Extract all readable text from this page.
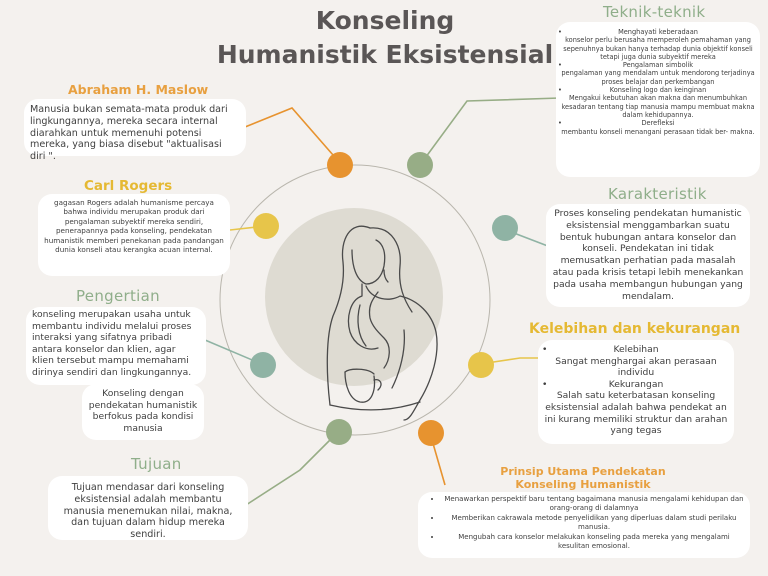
Konseling
Humanistik Eksistensial
Abraham H. Maslow
Manusia bukan semata-mata produk dari lingkungannya, mereka secara internal diarahkan untuk memenuhi potensi mereka, yang biasa disebut "aktualisasi diri ".
Carl Rogers
gagasan Rogers adalah humanisme percaya bahwa individu merupakan produk dari pengalaman subyektif mereka sendiri, penerapannya pada konseling, pendekatan humanistik memberi penekanan pada pandangan dunia konseli atau kerangka acuan internal.
Pengertian
konseling merupakan usaha untuk membantu individu melalui proses interaksi yang sifatnya pribadi antara konselor dan klien, agar klien tersebut mampu memahami dirinya sendiri dan lingkungannya.
Konseling dengan pendekatan humanistik berfokus pada kondisi manusia
Tujuan
Tujuan mendasar dari konseling eksistensial adalah membantu manusia menemukan nilai, makna, dan tujuan dalam hidup mereka sendiri.
Teknik-teknik
• Menghayati keberadaan
konselor perlu berusaha memperoleh pemahaman yang sepenuhnya bukan hanya terhadap dunia objektif konseli tetapi juga dunia subyektif mereka
• Pengalaman simbolik
pengalaman yang mendalam untuk mendorong terjadinya proses belajar dan perkembangan
• Konseling logo dan keinginan
Mengakui kebutuhan akan makna dan menumbuhkan kesadaran tentang tiap manusia mampu membuat makna dalam kehidupannya.
• Derefleksi
membantu konseli menangani perasaan tidak ber- makna.
Karakteristik
Proses konseling pendekatan humanistic eksistensial menggambarkan suatu bentuk hubungan antara konselor dan konseli. Pendekatan ini tidak memusatkan perhatian pada masalah atau pada krisis tetapi lebih menekankan pada usaha membangun hubungan yang mendalam.
Kelebihan dan kekurangan
• Kelebihan
Sangat menghargai akan perasaan individu
• Kekurangan
Salah satu keterbatasan konseling eksistensial adalah bahwa pendekat an ini kurang memiliki struktur dan arahan yang tegas
Prinsip Utama Pendekatan Konseling Humanistik
• Menawarkan perspektif baru tentang bagaimana manusia mengalami kehidupan dan orang-orang di dalamnya
• Memberikan cakrawala metode penyelidikan yang diperluas dalam studi perilaku manusia.
• Mengubah cara konselor melakukan konseling pada mereka yang mengalami kesulitan emosional.
